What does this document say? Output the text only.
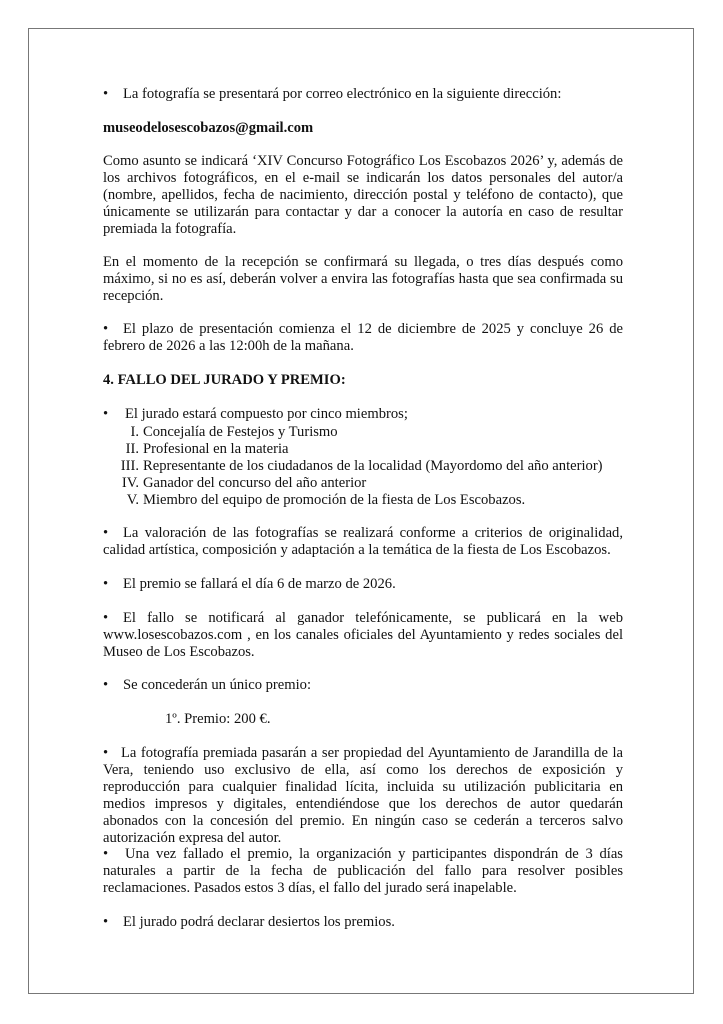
• La fotografía se presentará por correo electrónico en la siguiente dirección:
museodelosescobazos@gmail.com
Como asunto se indicará ‘XIV Concurso Fotográfico Los Escobazos 2026’ y, además de los archivos fotográficos, en el e-mail se indicarán los datos personales del autor/a (nombre, apellidos, fecha de nacimiento, dirección postal y teléfono de contacto), que únicamente se utilizarán para contactar y dar a conocer la autoría en caso de resultar premiada la fotografía.
En el momento de la recepción se confirmará su llegada, o tres días después como máximo, si no es así, deberán volver a envira las fotografías hasta que sea confirmada su recepción.
• El plazo de presentación comienza el 12 de diciembre de 2025 y concluye 26 de febrero de 2026 a las 12:00h de la mañana.
4. FALLO DEL JURADO Y PREMIO:
• El jurado estará compuesto por cinco miembros;
I. Concejalía de Festejos y Turismo
II. Profesional en la materia
III. Representante de los ciudadanos de la localidad (Mayordomo del año anterior)
IV. Ganador del concurso del año anterior
V. Miembro del equipo de promoción de la fiesta de Los Escobazos.
• La valoración de las fotografías se realizará conforme a criterios de originalidad, calidad artística, composición y adaptación a la temática de la fiesta de Los Escobazos.
• El premio se fallará el día 6 de marzo de 2026.
• El fallo se notificará al ganador telefónicamente, se publicará en la web www.losescobazos.com , en los canales oficiales del Ayuntamiento y redes sociales del Museo de Los Escobazos.
• Se concederán un único premio:
1º. Premio: 200 €.
• La fotografía premiada pasarán a ser propiedad del Ayuntamiento de Jarandilla de la Vera, teniendo uso exclusivo de ella, así como los derechos de exposición y reproducción para cualquier finalidad lícita, incluida su utilización publicitaria en medios impresos y digitales, entendiéndose que los derechos de autor quedarán abonados con la concesión del premio. En ningún caso se cederán a terceros salvo autorización expresa del autor.
• Una vez fallado el premio, la organización y participantes dispondrán de 3 días naturales a partir de la fecha de publicación del fallo para resolver posibles reclamaciones. Pasados estos 3 días, el fallo del jurado será inapelable.
• El jurado podrá declarar desiertos los premios.
